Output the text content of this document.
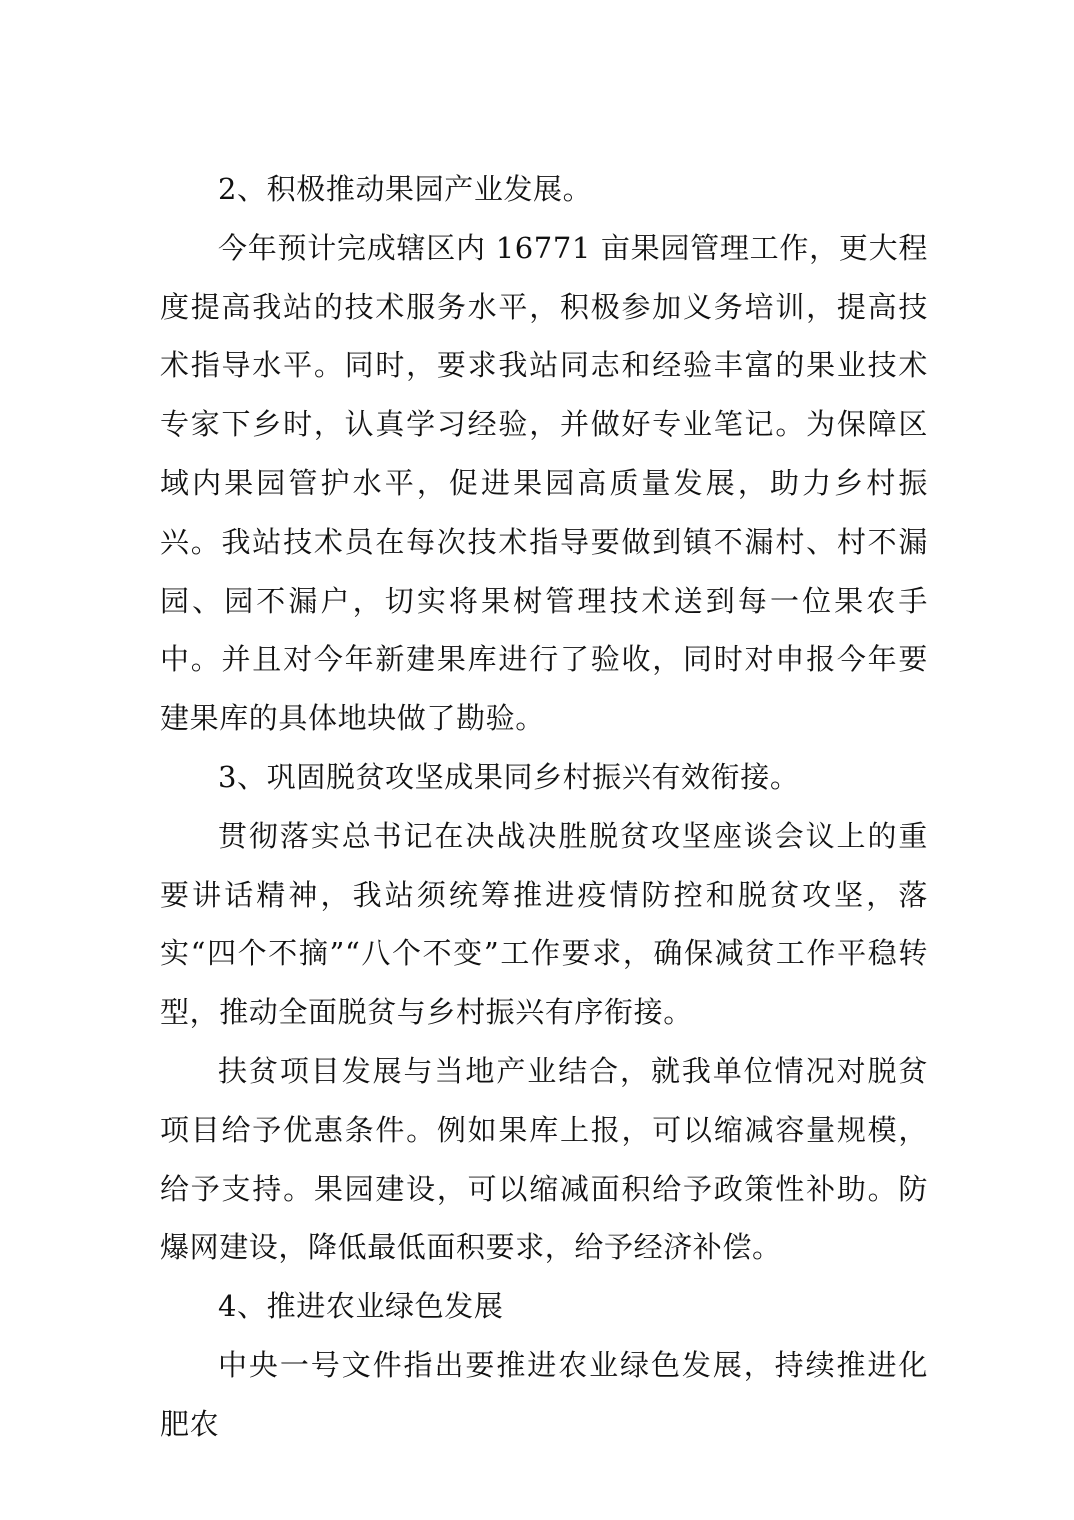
2、积极推动果园产业发展。

今年预计完成辖区内 16771 亩果园管理工作，更大程度提高我站的技术服务水平，积极参加义务培训，提高技术指导水平。同时，要求我站同志和经验丰富的果业技术专家下乡时，认真学习经验，并做好专业笔记。为保障区域内果园管护水平，促进果园高质量发展，助力乡村振兴。我站技术员在每次技术指导要做到镇不漏村、村不漏园、园不漏户，切实将果树管理技术送到每一位果农手中。并且对今年新建果库进行了验收，同时对申报今年要建果库的具体地块做了勘验。

3、巩固脱贫攻坚成果同乡村振兴有效衔接。

贯彻落实总书记在决战决胜脱贫攻坚座谈会议上的重要讲话精神，我站须统筹推进疫情防控和脱贫攻坚，落实“四个不摘”“八个不变”工作要求，确保减贫工作平稳转型，推动全面脱贫与乡村振兴有序衔接。

扶贫项目发展与当地产业结合，就我单位情况对脱贫项目给予优惠条件。例如果库上报，可以缩减容量规模，给予支持。果园建设，可以缩减面积给予政策性补助。防爆网建设，降低最低面积要求，给予经济补偿。

4、推进农业绿色发展

中央一号文件指出要推进农业绿色发展，持续推进化肥农
